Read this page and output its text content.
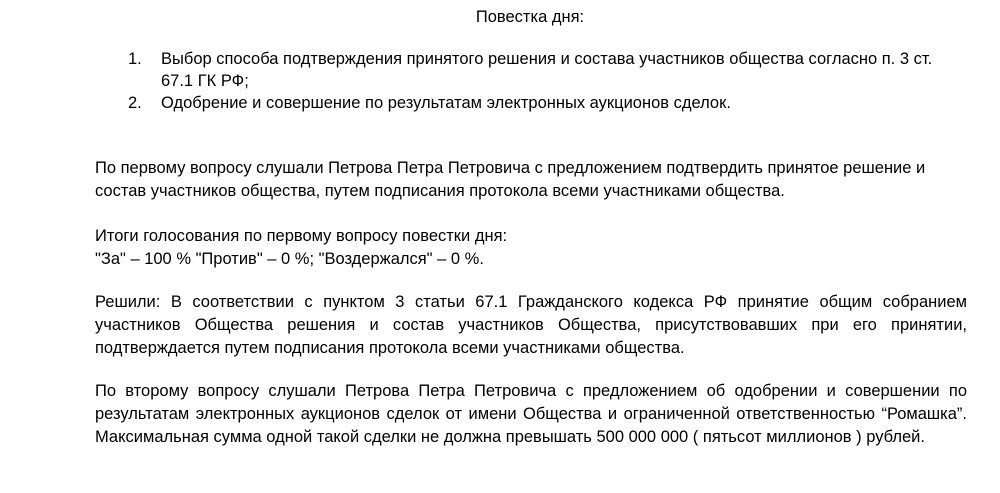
Повестка дня:
1. Выбор способа подтверждения принятого решения и состава участников общества согласно п. 3 ст. 67.1 ГК РФ;
2. Одобрение и совершение по результатам электронных аукционов сделок.
По первому вопросу слушали Петрова Петра Петровича с предложением подтвердить принятое решение и состав участников общества, путем подписания протокола всеми участниками общества.
Итоги голосования по первому вопросу повестки дня:
"За" – 100 % "Против" – 0 %; "Воздержался" – 0 %.
Решили: В соответствии с пунктом 3 статьи 67.1 Гражданского кодекса РФ принятие общим собранием участников Общества решения и состав участников Общества, присутствовавших при его принятии, подтверждается путем подписания протокола всеми участниками общества.
По второму вопросу слушали Петрова Петра Петровича с предложением об одобрении и совершении по результатам электронных аукционов сделок от имени Общества и ограниченной ответственностью “Ромашка”. Максимальная сумма одной такой сделки не должна превышать 500 000 000 ( пятьсот миллионов ) рублей.
